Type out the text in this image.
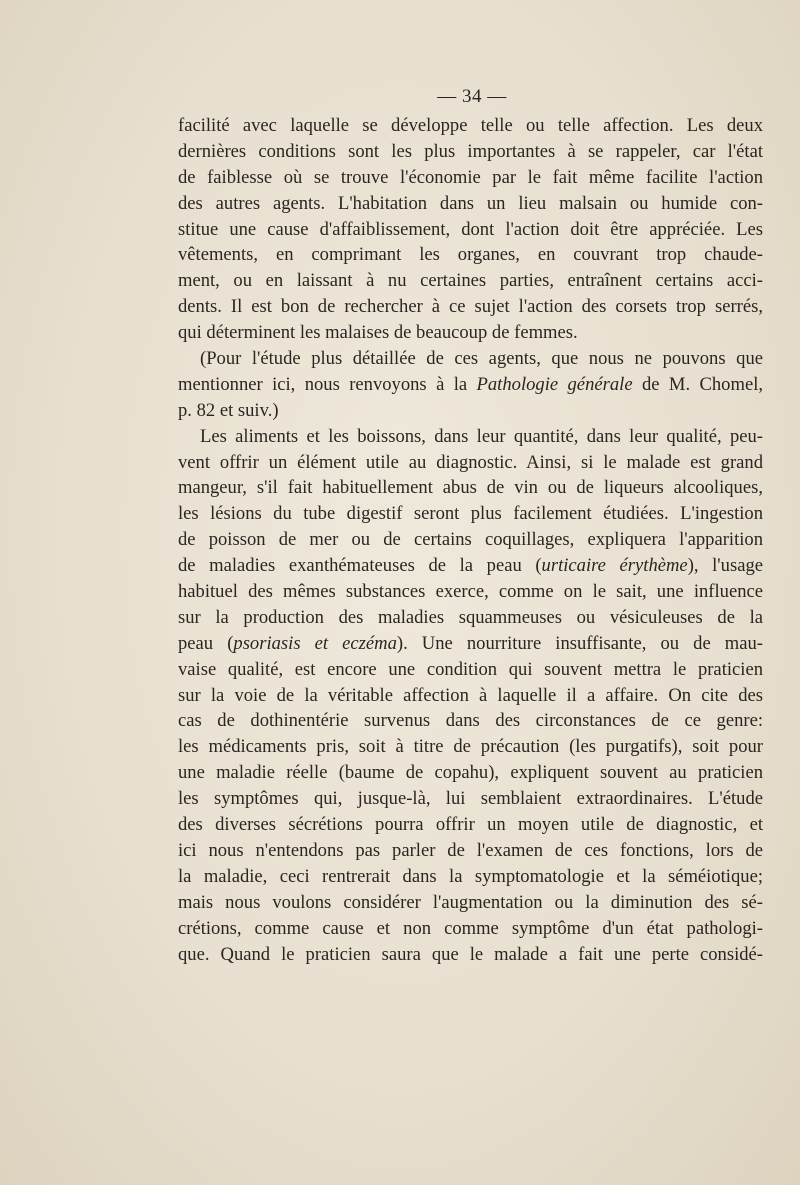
— 34 —
facilité avec laquelle se développe telle ou telle affection. Les deux
dernières conditions sont les plus importantes à se rappeler, car l'état
de faiblesse où se trouve l'économie par le fait même facilite l'action
des autres agents. L'habitation dans un lieu malsain ou humide con-
stitue une cause d'affaiblissement, dont l'action doit être appréciée. Les
vêtements, en comprimant les organes, en couvrant trop chaude-
ment, ou en laissant à nu certaines parties, entraînent certains acci-
dents. Il est bon de rechercher à ce sujet l'action des corsets trop serrés,
qui déterminent les malaises de beaucoup de femmes.
(Pour l'étude plus détaillée de ces agents, que nous ne pouvons que
mentionner ici, nous renvoyons à la Pathologie générale de M. Chomel,
p. 82 et suiv.)
Les aliments et les boissons, dans leur quantité, dans leur qualité, peu-
vent offrir un élément utile au diagnostic. Ainsi, si le malade est grand
mangeur, s'il fait habituellement abus de vin ou de liqueurs alcooliques,
les lésions du tube digestif seront plus facilement étudiées. L'ingestion
de poisson de mer ou de certains coquillages, expliquera l'apparition
de maladies exanthémateuses de la peau (urticaire érythème), l'usage
habituel des mêmes substances exerce, comme on le sait, une influence
sur la production des maladies squammeuses ou vésiculeuses de la
peau (psoriasis et eczéma). Une nourriture insuffisante, ou de mau-
vaise qualité, est encore une condition qui souvent mettra le praticien
sur la voie de la véritable affection à laquelle il a affaire. On cite des
cas de dothinentérie survenus dans des circonstances de ce genre:
les médicaments pris, soit à titre de précaution (les purgatifs), soit pour
une maladie réelle (baume de copahu), expliquent souvent au praticien
les symptômes qui, jusque-là, lui semblaient extraordinaires. L'étude
des diverses sécrétions pourra offrir un moyen utile de diagnostic, et
ici nous n'entendons pas parler de l'examen de ces fonctions, lors de
la maladie, ceci rentrerait dans la symptomatologie et la séméiotique;
mais nous voulons considérer l'augmentation ou la diminution des sé-
crétions, comme cause et non comme symptôme d'un état pathologi-
que. Quand le praticien saura que le malade a fait une perte considé-
